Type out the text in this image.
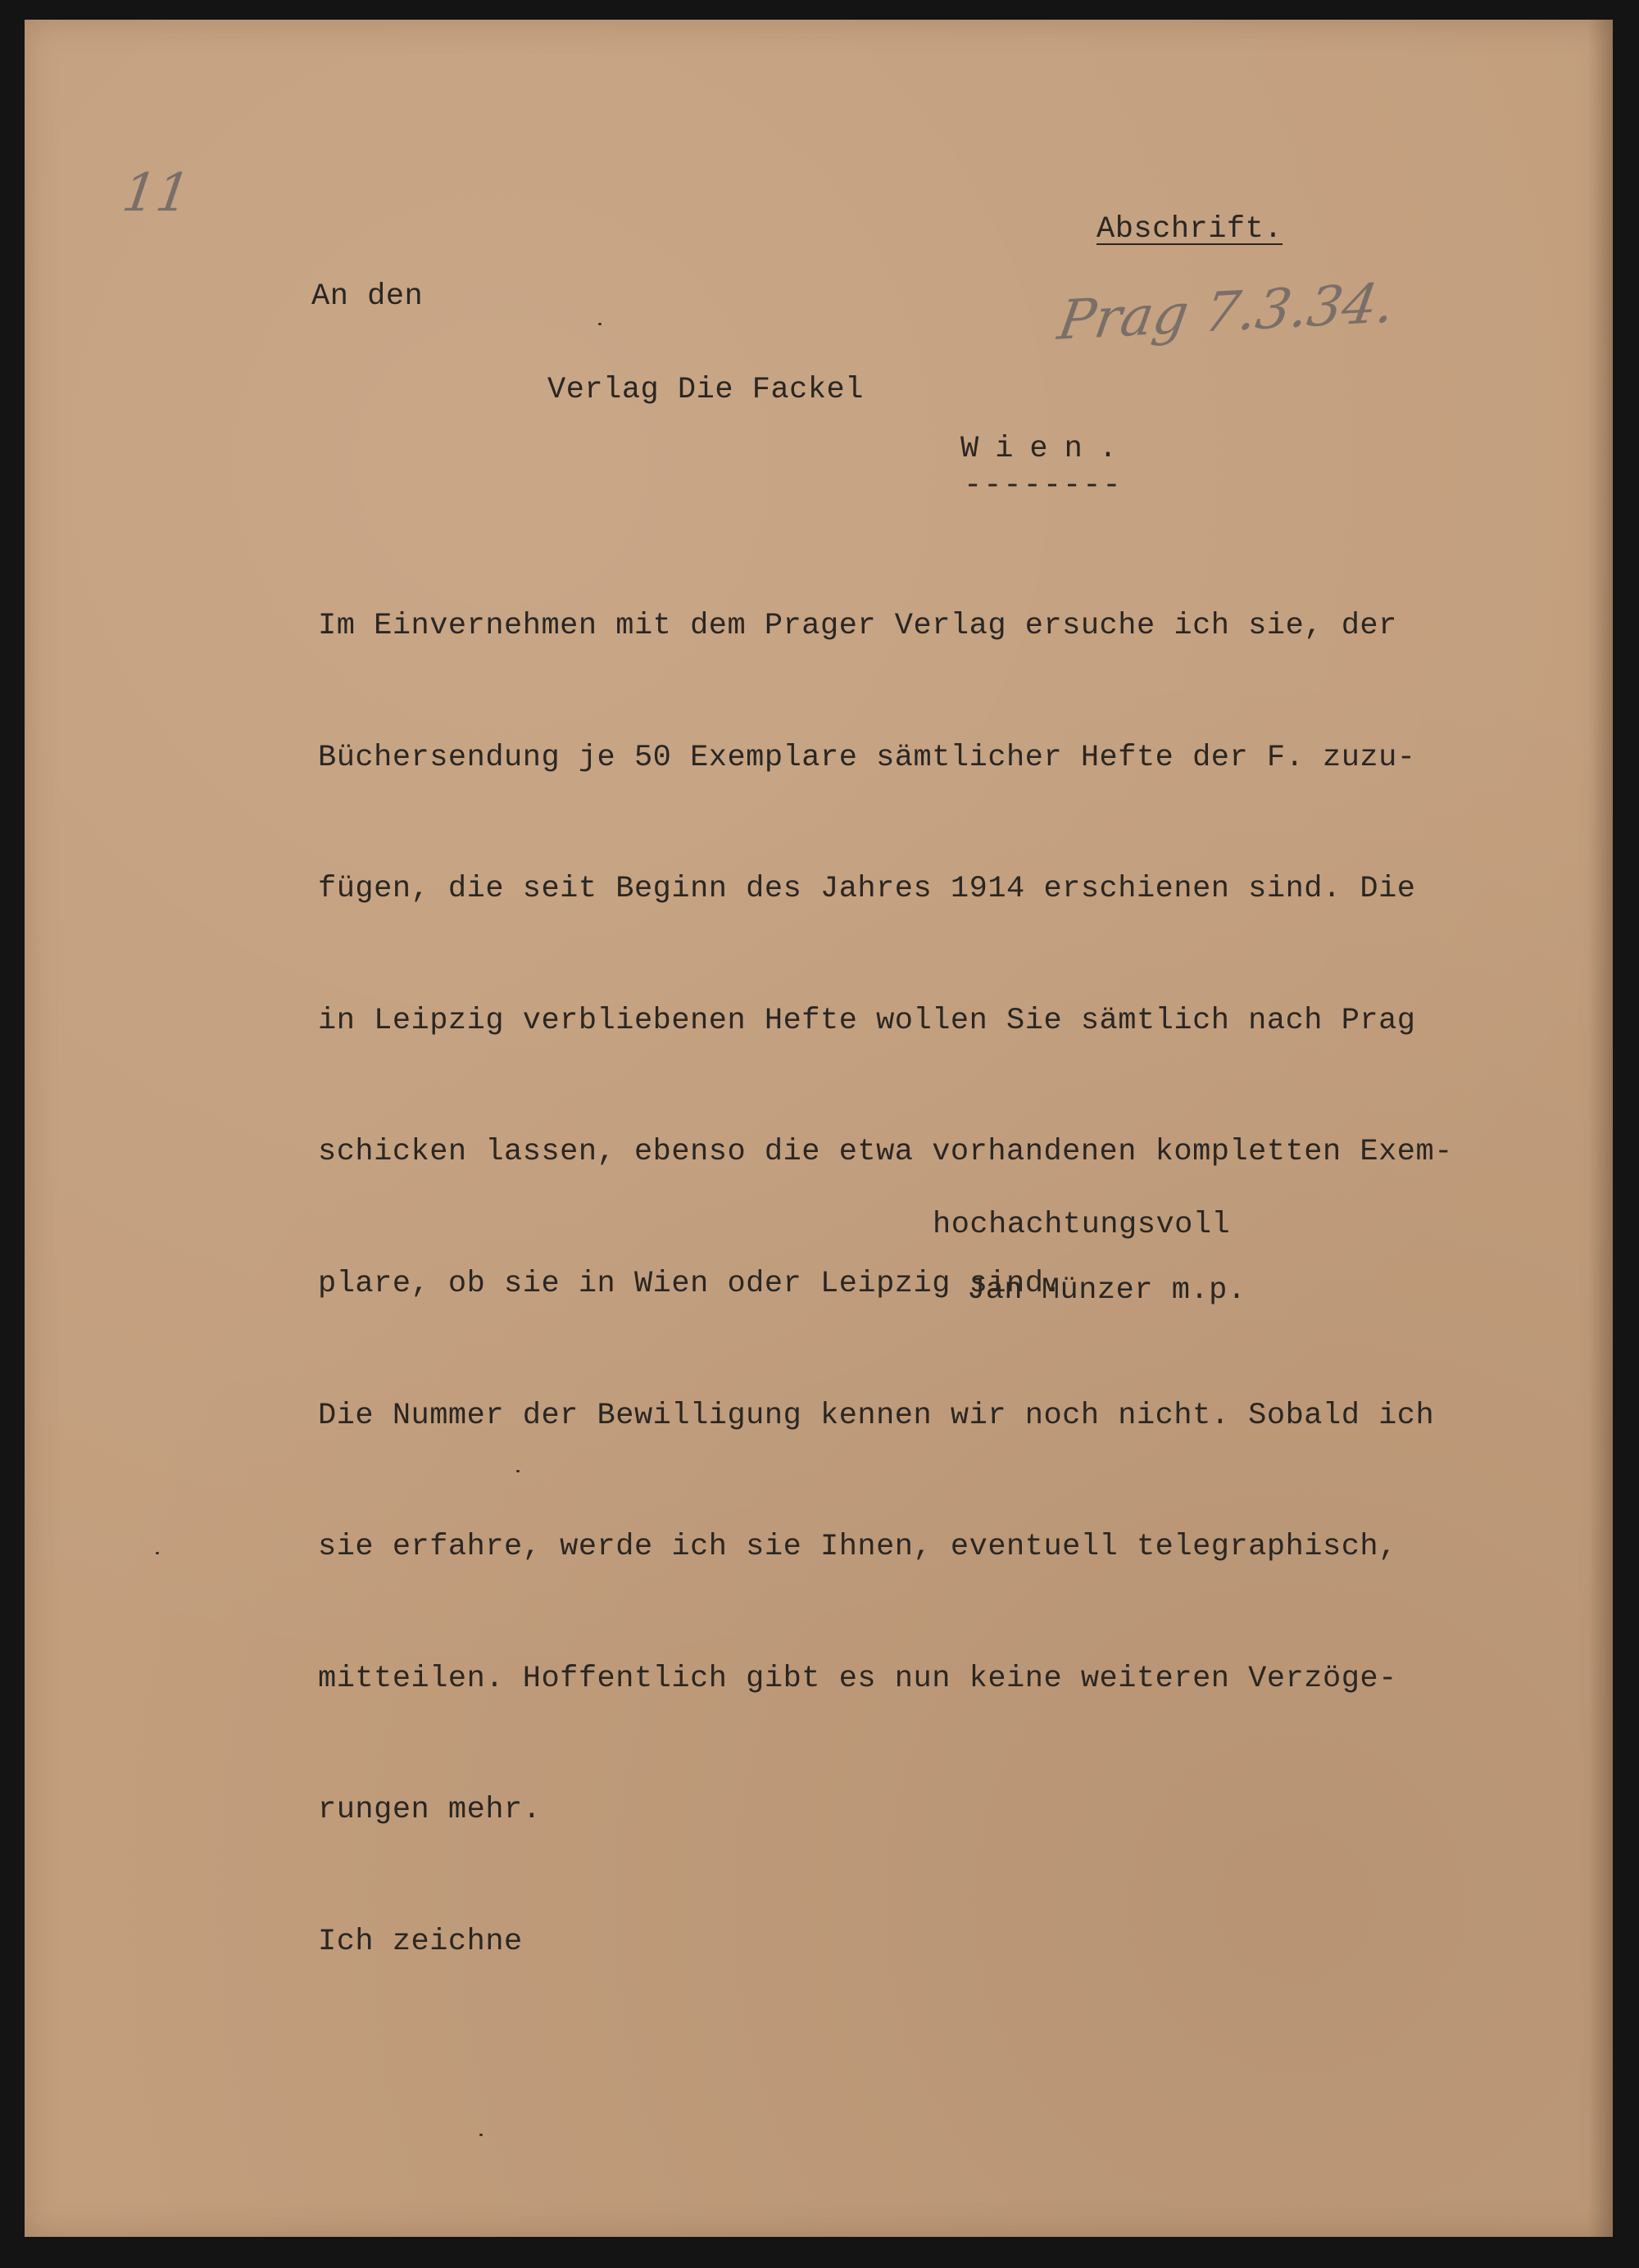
11

Abschrift.

Prag 7.3.34.

An den

Verlag Die Fackel

Wien.

--------

Im Einvernehmen mit dem Prager Verlag ersuche ich sie, der

Büchersendung je 50 Exemplare sämtlicher Hefte der F. zuzu-

fügen, die seit Beginn des Jahres 1914 erschienen sind. Die

in Leipzig verbliebenen Hefte wollen Sie sämtlich nach Prag

schicken lassen, ebenso die etwa vorhandenen kompletten Exem-

plare, ob sie in Wien oder Leipzig sind.

Die Nummer der Bewilligung kennen wir noch nicht. Sobald ich

sie erfahre, werde ich sie Ihnen, eventuell telegraphisch,

mitteilen. Hoffentlich gibt es nun keine weiteren Verzöge-

rungen mehr.

Ich zeichne

hochachtungsvoll

Jan Münzer m.p.
